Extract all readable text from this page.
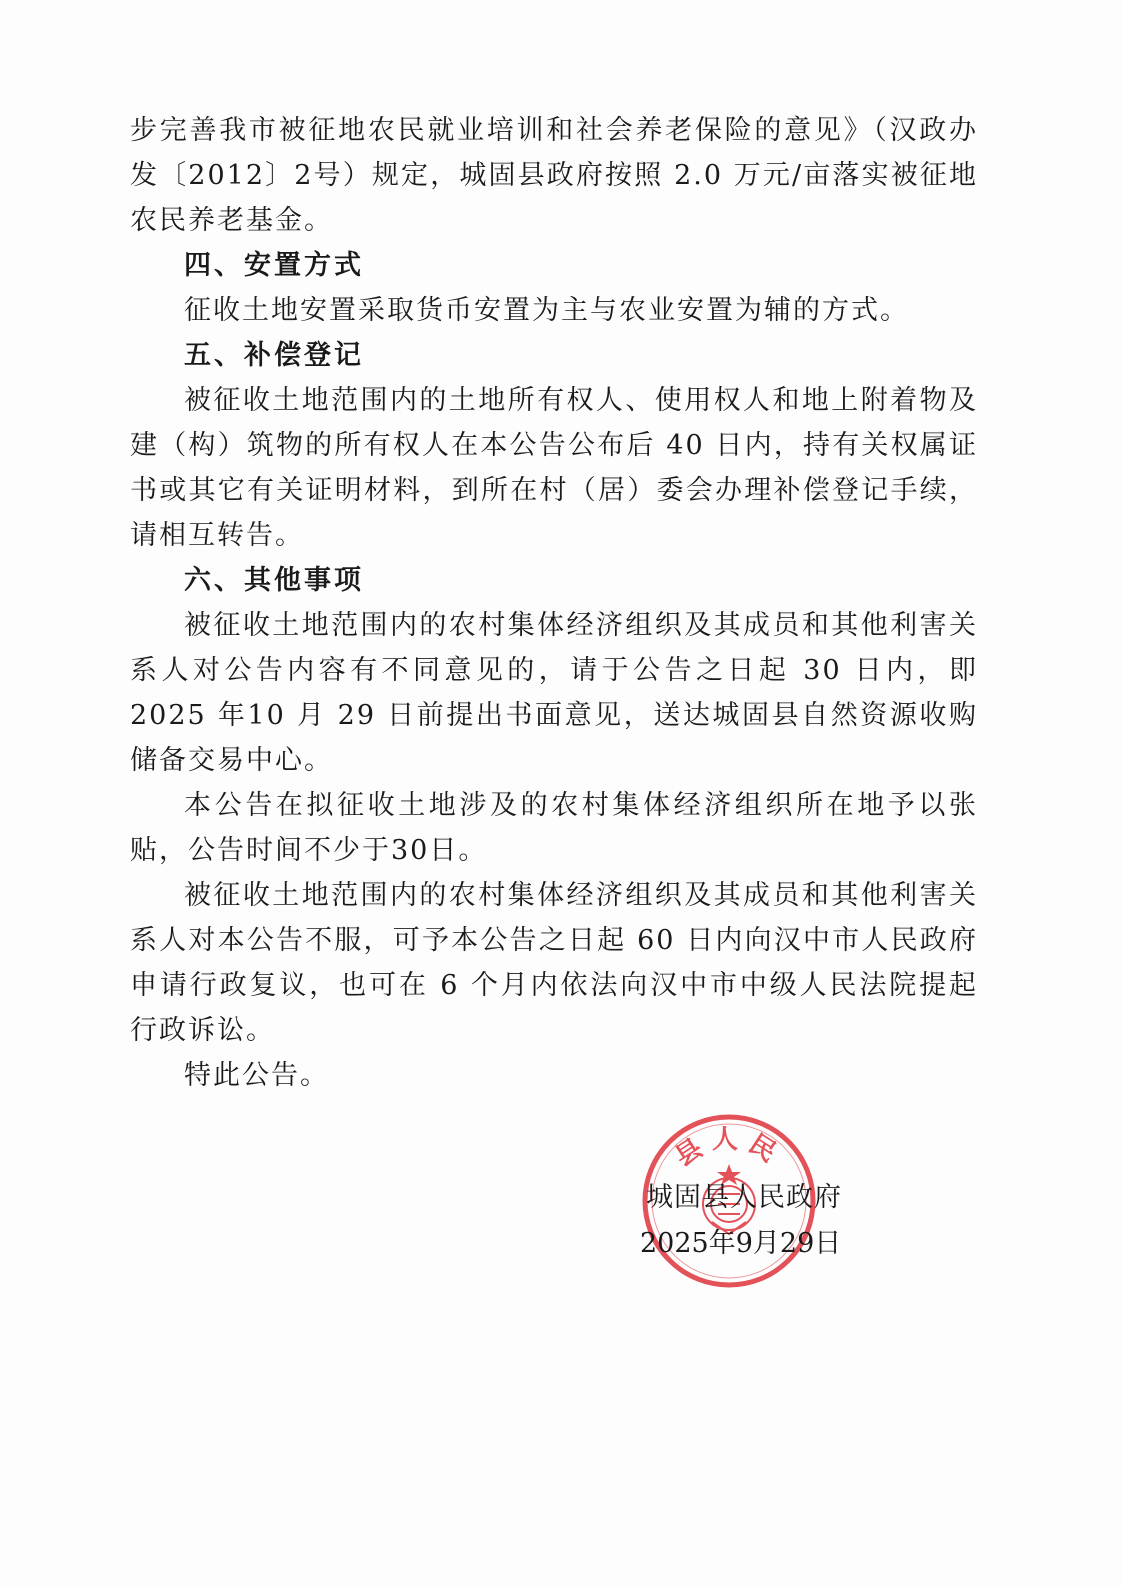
步完善我市被征地农民就业培训和社会养老保险的意见》（汉政办发〔2012〕2号）规定，城固县政府按照 2.0 万元/亩落实被征地农民养老基金。

四、安置方式

征收土地安置采取货币安置为主与农业安置为辅的方式。

五、补偿登记

被征收土地范围内的土地所有权人、使用权人和地上附着物及建（构）筑物的所有权人在本公告公布后 40 日内，持有关权属证书或其它有关证明材料，到所在村（居）委会办理补偿登记手续，请相互转告。

六、其他事项

被征收土地范围内的农村集体经济组织及其成员和其他利害关系人对公告内容有不同意见的，请于公告之日起 30 日内，即 2025 年10 月 29 日前提出书面意见，送达城固县自然资源收购储备交易中心。

本公告在拟征收土地涉及的农村集体经济组织所在地予以张贴，公告时间不少于30日。

被征收土地范围内的农村集体经济组织及其成员和其他利害关系人对本公告不服，可予本公告之日起 60 日内向汉中市人民政府申请行政复议，也可在 6 个月内依法向汉中市中级人民法院提起行政诉讼。

特此公告。

县人民
城固县人民政府
2025年9月29日
